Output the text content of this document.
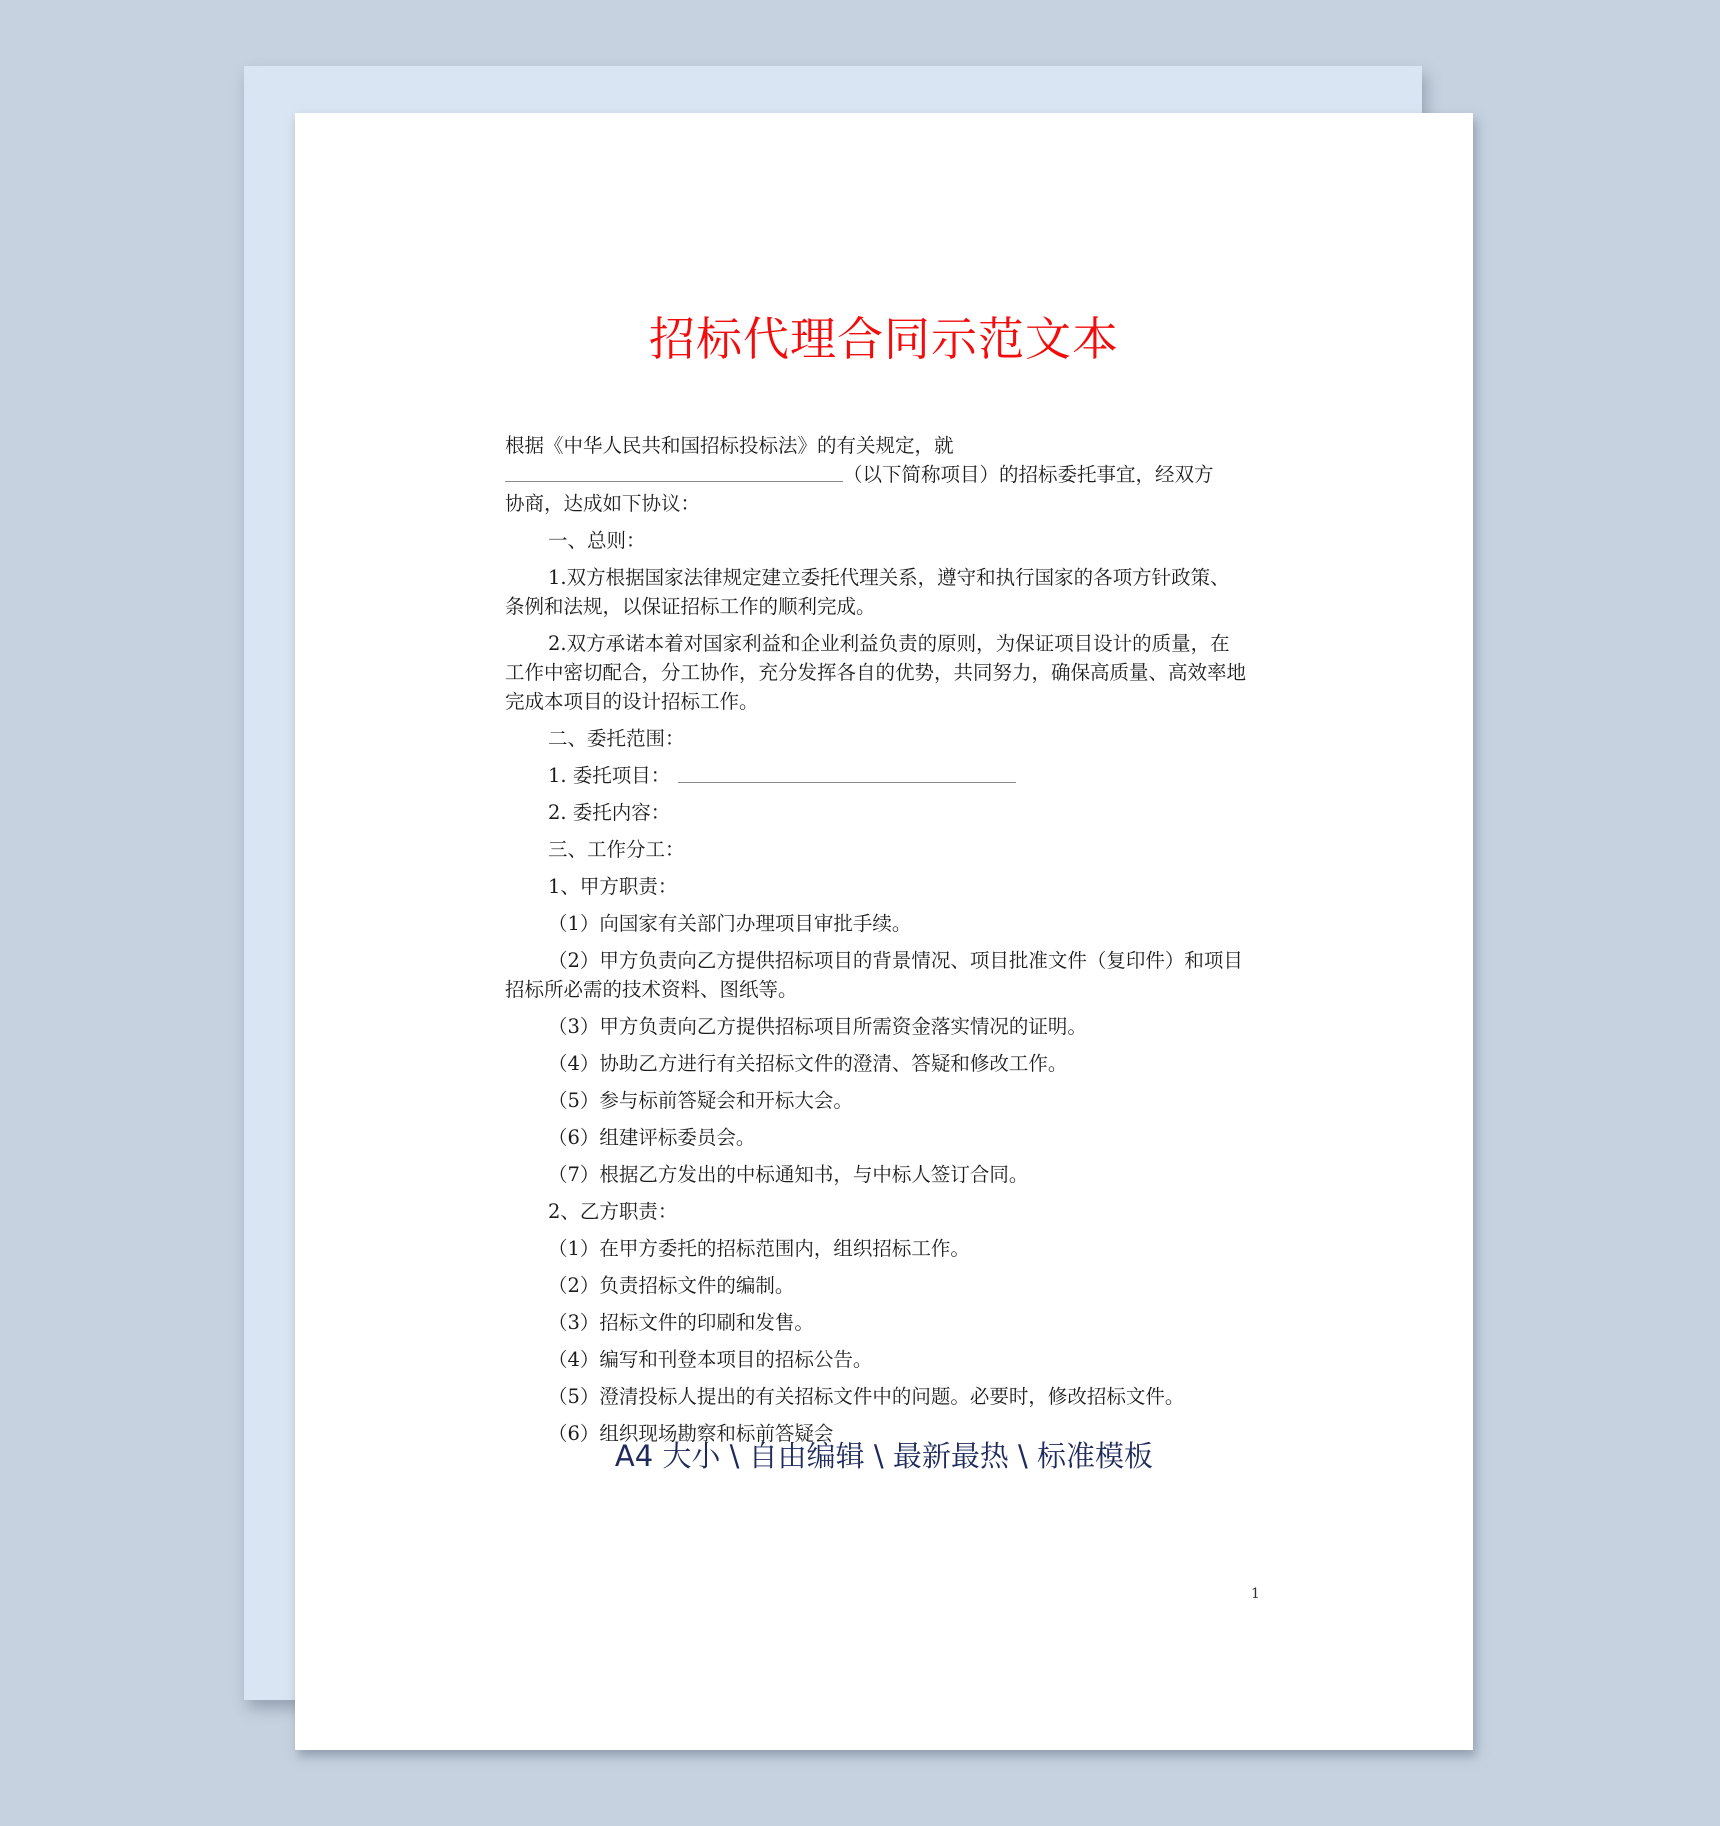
招标代理合同示范文本

根据《中华人民共和国招标投标法》的有关规定，就

（以下简称项目）的招标委托事宜，经双方

协商，达成如下协议：

一、总则：

1.双方根据国家法律规定建立委托代理关系，遵守和执行国家的各项方针政策、条例和法规，以保证招标工作的顺利完成。

2.双方承诺本着对国家利益和企业利益负责的原则，为保证项目设计的质量，在工作中密切配合，分工协作，充分发挥各自的优势，共同努力，确保高质量、高效率地完成本项目的设计招标工作。

二、委托范围：

1. 委托项目：

2. 委托内容：

三、工作分工：

1、甲方职责：

（1）向国家有关部门办理项目审批手续。

（2）甲方负责向乙方提供招标项目的背景情况、项目批准文件（复印件）和项目招标所必需的技术资料、图纸等。

（3）甲方负责向乙方提供招标项目所需资金落实情况的证明。

（4）协助乙方进行有关招标文件的澄清、答疑和修改工作。

（5）参与标前答疑会和开标大会。

（6）组建评标委员会。

（7）根据乙方发出的中标通知书，与中标人签订合同。

2、乙方职责：

（1）在甲方委托的招标范围内，组织招标工作。

（2）负责招标文件的编制。

（3）招标文件的印刷和发售。

（4）编写和刊登本项目的招标公告。

（5）澄清投标人提出的有关招标文件中的问题。必要时，修改招标文件。

（6）组织现场勘察和标前答疑会

A4 大小 \ 自由编辑 \ 最新最热 \ 标准模板
1
